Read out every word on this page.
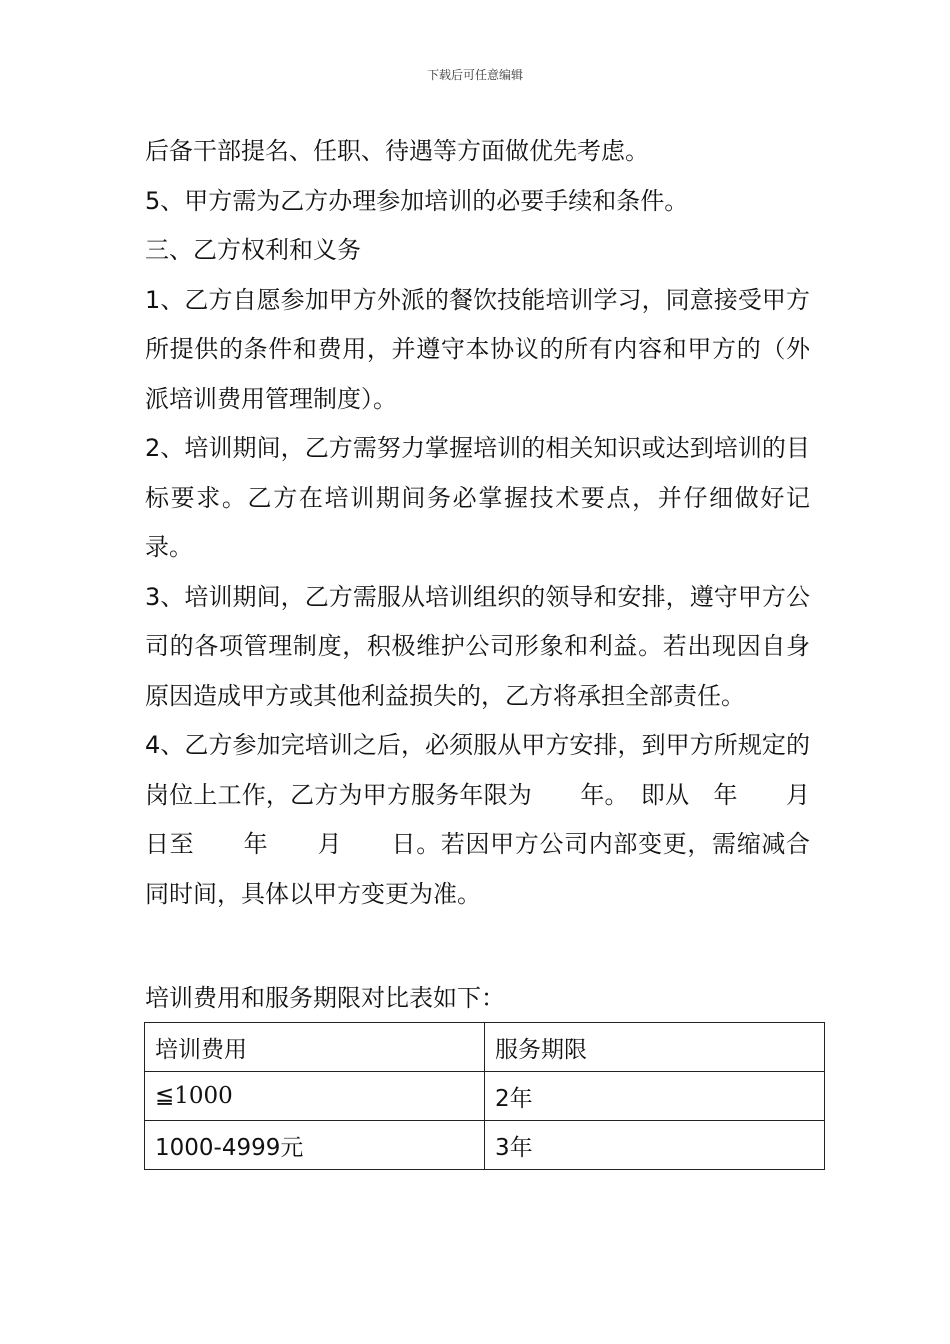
下载后可任意编辑

后备干部提名、任职、待遇等方面做优先考虑。

5、甲方需为乙方办理参加培训的必要手续和条件。

三、乙方权利和义务

1、乙方自愿参加甲方外派的餐饮技能培训学习，同意接受甲方所提供的条件和费用，并遵守本协议的所有内容和甲方的（外派培训费用管理制度）。

2、培训期间，乙方需努力掌握培训的相关知识或达到培训的目标要求。乙方在培训期间务必掌握技术要点，并仔细做好记录。

3、培训期间，乙方需服从培训组织的领导和安排，遵守甲方公司的各项管理制度，积极维护公司形象和利益。若出现因自身原因造成甲方或其他利益损失的，乙方将承担全部责任。

4、乙方参加完培训之后，必须服从甲方安排，到甲方所规定的岗位上工作，乙方为甲方服务年限为　　年。　即从　年　　月　　日至　　年　　月　　日。若因甲方公司内部变更，需缩减合同时间，具体以甲方变更为准。

培训费用和服务期限对比表如下：
培训费用	服务期限
≦1000	2年
1000-4999元	3年
